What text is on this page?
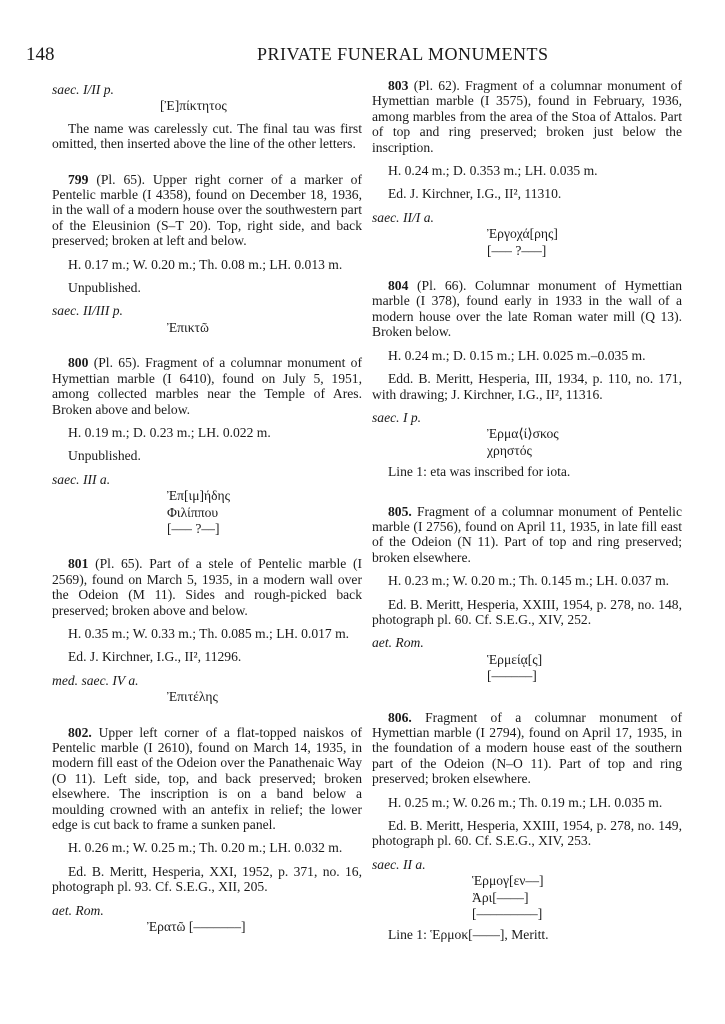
148	PRIVATE FUNERAL MONUMENTS

saec. I/II p.

[Ἐ]πίκτητος

The name was carelessly cut. The final tau was first omitted, then inserted above the line of the other letters.

799 (Pl. 65). Upper right corner of a marker of Pentelic marble (I 4358), found on December 18, 1936, in the wall of a modern house over the southwestern part of the Eleusinion (S–T 20). Top, right side, and back preserved; broken at left and below.

H. 0.17 m.; W. 0.20 m.; Th. 0.08 m.; LH. 0.013 m.

Unpublished.

saec. II/III p.

Ἐπικτῶ

800 (Pl. 65). Fragment of a columnar monument of Hymettian marble (I 6410), found on July 5, 1951, among collected marbles near the Temple of Ares. Broken above and below.

H. 0.19 m.; D. 0.23 m.; LH. 0.022 m.

Unpublished.

saec. III a.

Ἐπ[ιμ]ήδης

Φιλίππου

[––– ?––]

801 (Pl. 65). Part of a stele of Pentelic marble (I 2569), found on March 5, 1935, in a modern wall over the Odeion (M 11). Sides and rough-picked back preserved; broken above and below.

H. 0.35 m.; W. 0.33 m.; Th. 0.085 m.; LH. 0.017 m.

Ed. J. Kirchner, I.G., II², 11296.

med. saec. IV a.

Ἐπιτέλης

802. Upper left corner of a flat-topped naiskos of Pentelic marble (I 2610), found on March 14, 1935, in modern fill east of the Odeion over the Panathenaic Way (O 11). Left side, top, and back preserved; broken elsewhere. The inscription is on a band below a moulding crowned with an antefix in relief; the lower edge is cut back to frame a sunken panel.

H. 0.26 m.; W. 0.25 m.; Th. 0.20 m.; LH. 0.032 m.

Ed. B. Meritt, Hesperia, XXI, 1952, p. 371, no. 16, photograph pl. 93. Cf. S.E.G., XII, 205.

aet. Rom.

Ἐρατῶ [–––––––]

803 (Pl. 62). Fragment of a columnar monument of Hymettian marble (I 3575), found in February, 1936, among marbles from the area of the Stoa of Attalos. Part of top and ring preserved; broken just below the inscription.

H. 0.24 m.; D. 0.353 m.; LH. 0.035 m.

Ed. J. Kirchner, I.G., II², 11310.

saec. II/I a.

Ἐργοχά[ρης]

[––– ?–––]

804 (Pl. 66). Columnar monument of Hymettian marble (I 378), found early in 1933 in the wall of a modern house over the late Roman water mill (Q 13). Broken below.

H. 0.24 m.; D. 0.15 m.; LH. 0.025 m.–0.035 m.

Edd. B. Meritt, Hesperia, III, 1934, p. 110, no. 171, with drawing; J. Kirchner, I.G., II², 11316.

saec. I p.

Ἐρμα⟨ί⟩σκος

χρηστός

Line 1: eta was inscribed for iota.

805. Fragment of a columnar monument of Pentelic marble (I 2756), found on April 11, 1935, in late fill east of the Odeion (N 11). Part of top and ring preserved; broken elsewhere.

H. 0.23 m.; W. 0.20 m.; Th. 0.145 m.; LH. 0.037 m.

Ed. B. Meritt, Hesperia, XXIII, 1954, p. 278, no. 148, photograph pl. 60. Cf. S.E.G., XIV, 252.

aet. Rom.

Ἑρμείᾳ[ς]

[––––––]

806. Fragment of a columnar monument of Hymettian marble (I 2794), found on April 17, 1935, in the foundation of a modern house east of the southern part of the Odeion (N–O 11). Part of top and ring preserved; broken elsewhere.

H. 0.25 m.; W. 0.26 m.; Th. 0.19 m.; LH. 0.035 m.

Ed. B. Meritt, Hesperia, XXIII, 1954, p. 278, no. 149, photograph pl. 60. Cf. S.E.G., XIV, 253.

saec. II a.

Ἑρμογ[εν––]

Ἀρι[––––]

[–––––––––]

Line 1: Ἑρμοκ[––––], Meritt.
